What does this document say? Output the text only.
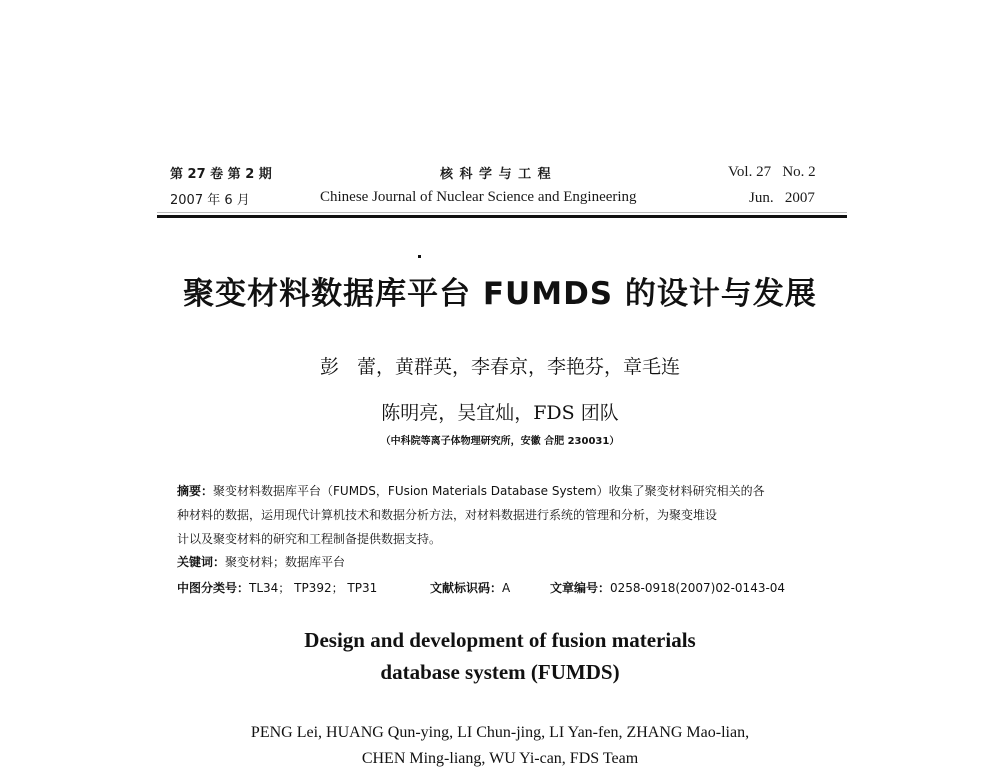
第 27 卷 第 2 期
2007 年 6 月
核 科 学 与 工 程
Chinese Journal of Nuclear Science and Engineering
Vol. 27   No. 2
Jun.   2007
聚变材料数据库平台 FUMDS 的设计与发展
彭   蕾，黄群英，李春京，李艳芬，章毛连
陈明亮，吴宜灿，FDS 团队
（中科院等离子体物理研究所，安徽 合肥 230031）
摘要：聚变材料数据库平台（FUMDS，FUsion Materials Database System）收集了聚变材料研究相关的各
种材料的数据，运用现代计算机技术和数据分析方法，对材料数据进行系统的管理和分析，为聚变堆设
计以及聚变材料的研究和工程制备提供数据支持。
关键词：聚变材料；数据库平台
中图分类号：TL34； TP392； TP31	文献标识码：A	文章编号：0258-0918(2007)02-0143-04
Design and development of fusion materials
database system (FUMDS)
PENG Lei, HUANG Qun-ying, LI Chun-jing, LI Yan-fen, ZHANG Mao-lian,
CHEN Ming-liang, WU Yi-can, FDS Team
